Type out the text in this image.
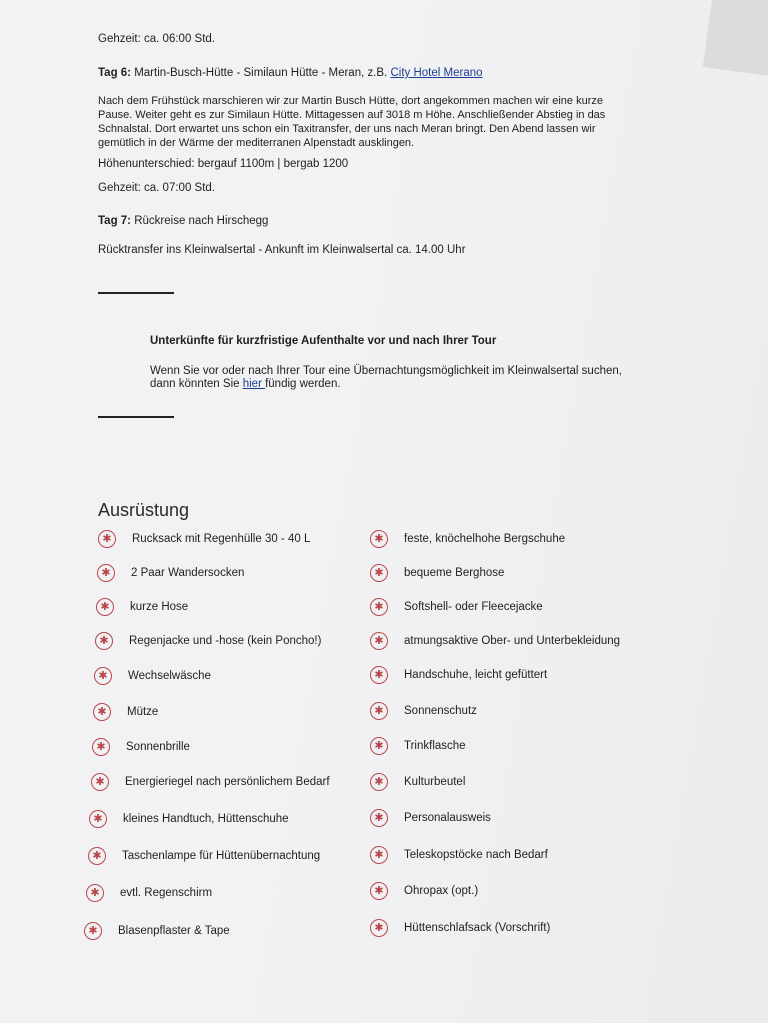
Gehzeit: ca. 06:00 Std.
Tag 6: Martin-Busch-Hütte - Similaun Hütte - Meran, z.B. City Hotel Merano
Nach dem Frühstück marschieren wir zur Martin Busch Hütte, dort angekommen machen wir eine kurze Pause. Weiter geht es zur Similaun Hütte. Mittagessen auf 3018 m Höhe. Anschließender Abstieg in das Schnalstal. Dort erwartet uns schon ein Taxitransfer, der uns nach Meran bringt. Den Abend lassen wir gemütlich in der Wärme der mediterranen Alpenstadt ausklingen.
Höhenunterschied: bergauf 1100m | bergab 1200
Gehzeit: ca. 07:00 Std.
Tag 7: Rückreise nach Hirschegg
Rücktransfer ins Kleinwalsertal - Ankunft im Kleinwalsertal ca. 14.00 Uhr
Unterkünfte für kurzfristige Aufenthalte vor und nach Ihrer Tour
Wenn Sie vor oder nach Ihrer Tour eine Übernachtungsmöglichkeit im Kleinwalsertal suchen,
dann könnten Sie hier fündig werden.
Ausrüstung
✱	Rucksack mit Regenhülle 30 - 40 L
✱	2 Paar Wandersocken
✱	kurze Hose
✱	Regenjacke und -hose (kein Poncho!)
✱	Wechselwäsche
✱	Mütze
✱	Sonnenbrille
✱	Energieriegel nach persönlichem Bedarf
✱	kleines Handtuch, Hüttenschuhe
✱	Taschenlampe für Hüttenübernachtung
✱	evtl. Regenschirm
✱	Blasenpflaster & Tape
✱	feste, knöchelhohe Bergschuhe
✱	bequeme Berghose
✱	Softshell- oder Fleecejacke
✱	atmungsaktive Ober- und Unterbekleidung
✱	Handschuhe, leicht gefüttert
✱	Sonnenschutz
✱	Trinkflasche
✱	Kulturbeutel
✱	Personalausweis
✱	Teleskopstöcke nach Bedarf
✱	Ohropax (opt.)
✱	Hüttenschlafsack (Vorschrift)
